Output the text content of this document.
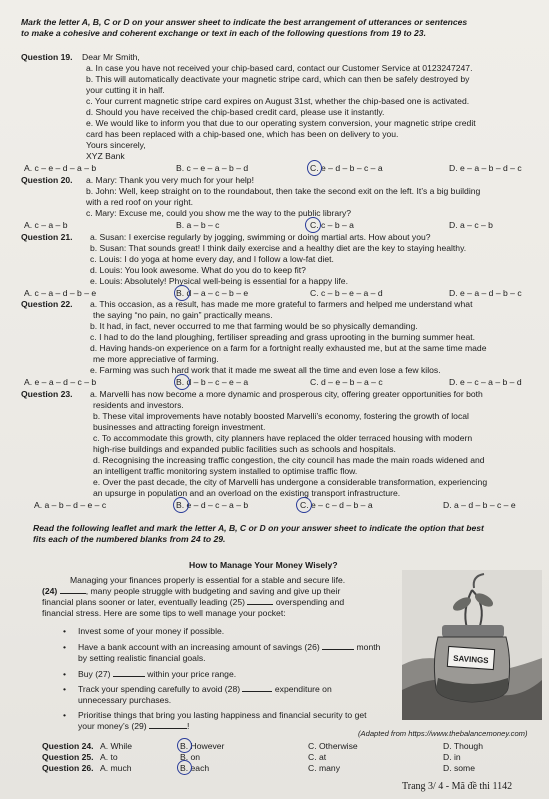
Mark the letter A, B, C or D on your answer sheet to indicate the best arrangement of utterances or sentences
to make a cohesive and coherent exchange or text in each of the following questions from 19 to 23.
Question 19. Dear Mr Smith,
a. In case you have not received your chip-based card, contact our Customer Service at 0123247247.
b. This will automatically deactivate your magnetic stripe card, which can then be safely destroyed by
your cutting it in half.
c. Your current magnetic stripe card expires on August 31st, whether the chip-based one is activated.
d. Should you have received the chip-based credit card, please use it instantly.
e. We would like to inform you that due to our operating system conversion, your magnetic stripe credit
card has been replaced with a chip-based one, which has been on delivery to you.
Yours sincerely,
XYZ Bank
A. c – e – d – a – b	B. c – e – a – b – d	C. e – d – b – c – a	D. e – a – b – d – c
Question 20. a. Mary: Thank you very much for your help!
b. John: Well, keep straight on to the roundabout, then take the second exit on the left. It’s a big building
with a red roof on your right.
c. Mary: Excuse me, could you show me the way to the public library?
A. c – a – b	B. a – b – c	C. c – b – a	D. a – c – b
Question 21. a. Susan: I exercise regularly by jogging, swimming or doing martial arts. How about you?
b. Susan: That sounds great! I think daily exercise and a healthy diet are the key to staying healthy.
c. Louis: I do yoga at home every day, and I follow a low-fat diet.
d. Louis: You look awesome. What do you do to keep fit?
e. Louis: Absolutely! Physical well-being is essential for a happy life.
A. c – a – d – b – e	B. d – a – c – b – e	C. c – b – e – a – d	D. e – a – d – b – c
Question 22. a. This occasion, as a result, has made me more grateful to farmers and helped me understand what
the saying “no pain, no gain” practically means.
b. It had, in fact, never occurred to me that farming would be so physically demanding.
c. I had to do the land ploughing, fertiliser spreading and grass uprooting in the burning summer heat.
d. Having hands-on experience on a farm for a fortnight really exhausted me, but at the same time made
me more appreciative of farming.
e. Farming was such hard work that it made me sweat all the time and even lose a few kilos.
A. e – a – d – c – b	B. d – b – c – e – a	C. d – e – b – a – c	D. e – c – a – b – d
Question 23. a. Marvelli has now become a more dynamic and prosperous city, offering greater opportunities for both
residents and investors.
b. These vital improvements have notably boosted Marvelli’s economy, fostering the growth of local
businesses and attracting foreign investment.
c. To accommodate this growth, city planners have replaced the older terraced housing with modern
high-rise buildings and expanded public facilities such as schools and hospitals.
d. Recognising the increasing traffic congestion, the city council has made the main roads widened and
an intelligent traffic monitoring system installed to optimise traffic flow.
e. Over the past decade, the city of Marvelli has undergone a considerable transformation, experiencing
an upsurge in population and an overload on the existing transport infrastructure.
A. a – b – d – e – c	B. e – d – c – a – b	C. e – c – d – b – a	D. a – d – b – c – e
Read the following leaflet and mark the letter A, B, C or D on your answer sheet to indicate the option that best
fits each of the numbered blanks from 24 to 29.
How to Manage Your Money Wisely?
Managing your finances properly is essential for a stable and secure life.
(24)	, many people struggle with budgeting and saving and give up their
financial plans sooner or later, eventually leading (25)	overspending and
financial stress. Here are some tips to well manage your pocket:
• Invest some of your money if possible.
• Have a bank account with an increasing amount of savings (26)	month
by setting realistic financial goals.
• Buy (27)	within your price range.
• Track your spending carefully to avoid (28)	expenditure on
unnecessary purchases.
• Prioritise things that bring you lasting happiness and financial security to get
your money’s (29)	!
(Adapted from https://www.thebalancemoney.com)
SAVINGS
Question 24. A. While	B. However	C. Otherwise	D. Though
Question 25. A. to	B. on	C. at	D. in
Question 26. A. much	B. each	C. many	D. some
Trang 3/ 4 - Mã đề thi 1142
